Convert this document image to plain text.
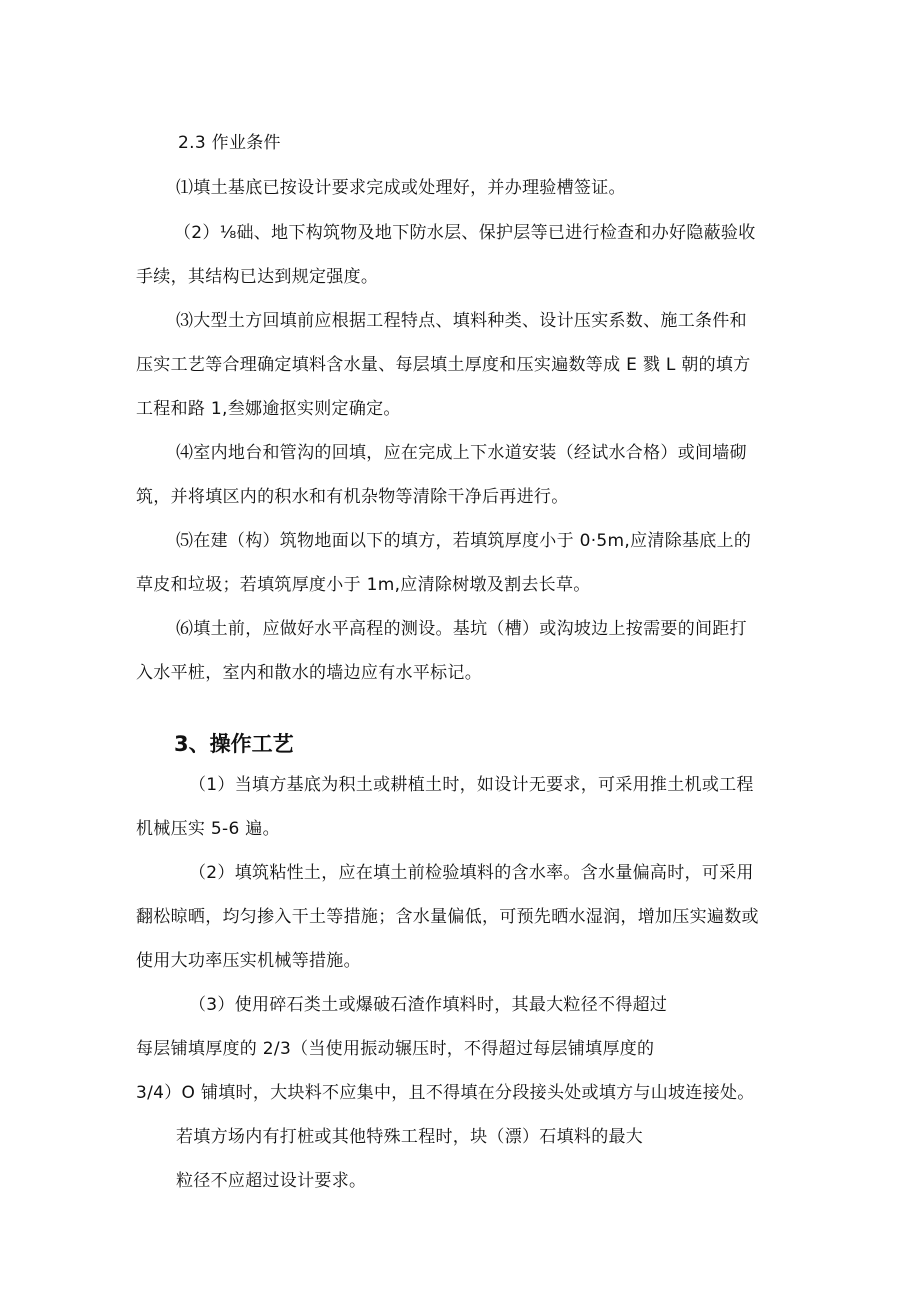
2.3 作业条件
⑴填土基底已按设计要求完成或处理好，并办理验槽签证。
（2）⅛础、地下构筑物及地下防水层、保护层等已进行检查和办好隐蔽验收
手续，其结构已达到规定强度。
⑶大型土方回填前应根据工程特点、填料种类、设计压实系数、施工条件和
压实工艺等合理确定填料含水量、每层填土厚度和压实遍数等成 E 戮 L 朝的填方
工程和路 1,叁娜逾抠实则定确定。
⑷室内地台和管沟的回填，应在完成上下水道安装（经试水合格）或间墙砌
筑，并将填区内的积水和有机杂物等清除干净后再进行。
⑸在建（构）筑物地面以下的填方，若填筑厚度小于 0·5m,应清除基底上的
草皮和垃圾；若填筑厚度小于 1m,应清除树墩及割去长草。
⑹填土前，应做好水平高程的测设。基坑（槽）或沟坡边上按需要的间距打
入水平桩，室内和散水的墙边应有水平标记。
3、操作工艺
（1）当填方基底为积土或耕植土时，如设计无要求，可采用推土机或工程
机械压实 5-6 遍。
（2）填筑粘性土，应在填土前检验填料的含水率。含水量偏高时，可采用
翻松晾晒，均匀掺入干土等措施；含水量偏低，可预先晒水湿润，增加压实遍数或
使用大功率压实机械等措施。
（3）使用碎石类土或爆破石渣作填料时，其最大粒径不得超过
每层铺填厚度的 2/3（当使用振动辗压时，不得超过每层铺填厚度的
3/4）O 铺填时，大块料不应集中，且不得填在分段接头处或填方与山坡连接处。
若填方场内有打桩或其他特殊工程时，块（漂）石填料的最大
粒径不应超过设计要求。
